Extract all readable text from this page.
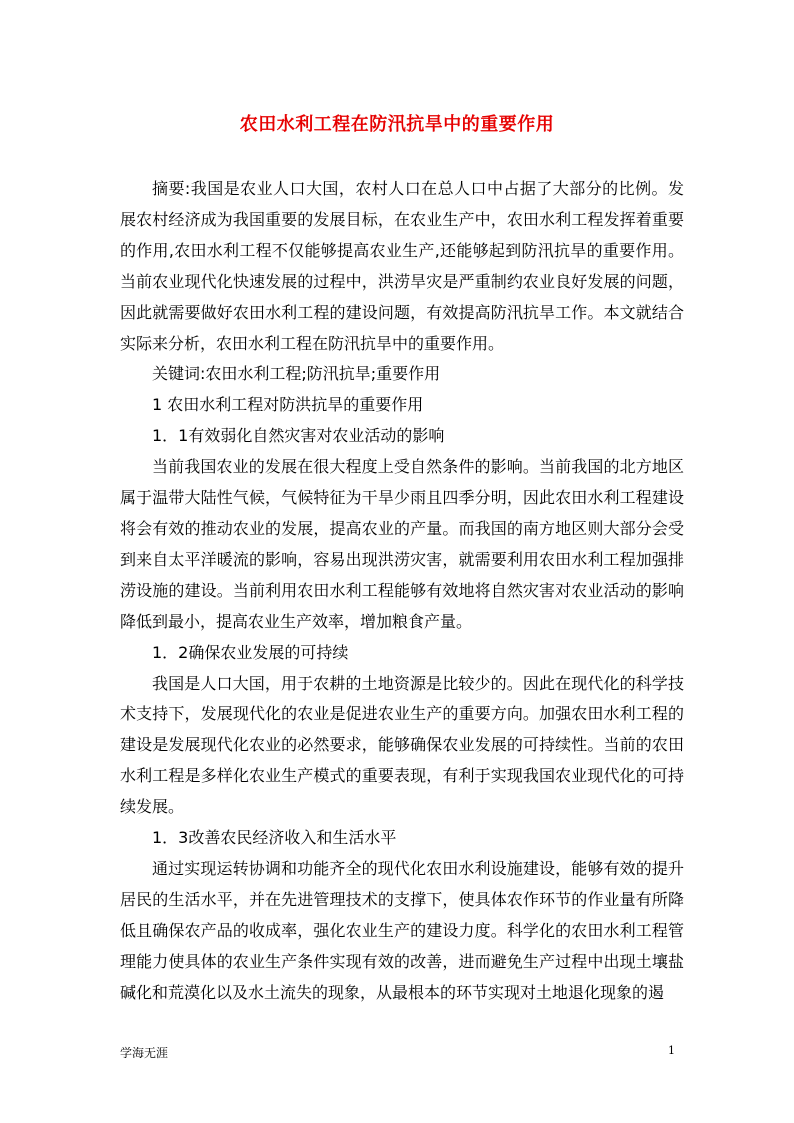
农田水利工程在防汛抗旱中的重要作用

摘要:我国是农业人口大国，农村人口在总人口中占据了大部分的比例。发展农村经济成为我国重要的发展目标，在农业生产中，农田水利工程发挥着重要的作用,农田水利工程不仅能够提高农业生产,还能够起到防汛抗旱的重要作用。当前农业现代化快速发展的过程中，洪涝旱灾是严重制约农业良好发展的问题，因此就需要做好农田水利工程的建设问题，有效提高防汛抗旱工作。本文就结合实际来分析，农田水利工程在防汛抗旱中的重要作用。

关键词:农田水利工程;防汛抗旱;重要作用

1 农田水利工程对防洪抗旱的重要作用

1．1有效弱化自然灾害对农业活动的影响

当前我国农业的发展在很大程度上受自然条件的影响。当前我国的北方地区属于温带大陆性气候，气候特征为干旱少雨且四季分明，因此农田水利工程建设将会有效的推动农业的发展，提高农业的产量。而我国的南方地区则大部分会受到来自太平洋暖流的影响，容易出现洪涝灾害，就需要利用农田水利工程加强排涝设施的建设。当前利用农田水利工程能够有效地将自然灾害对农业活动的影响降低到最小，提高农业生产效率，增加粮食产量。

1．2确保农业发展的可持续

我国是人口大国，用于农耕的土地资源是比较少的。因此在现代化的科学技术支持下，发展现代化的农业是促进农业生产的重要方向。加强农田水利工程的建设是发展现代化农业的必然要求，能够确保农业发展的可持续性。当前的农田水利工程是多样化农业生产模式的重要表现，有利于实现我国农业现代化的可持续发展。

1．3改善农民经济收入和生活水平

通过实现运转协调和功能齐全的现代化农田水利设施建设，能够有效的提升居民的生活水平，并在先进管理技术的支撑下，使具体农作环节的作业量有所降低且确保农产品的收成率，强化农业生产的建设力度。科学化的农田水利工程管理能力使具体的农业生产条件实现有效的改善，进而避免生产过程中出现土壤盐碱化和荒漠化以及水土流失的现象，从最根本的环节实现对土地退化现象的遏

学海无涯	1
